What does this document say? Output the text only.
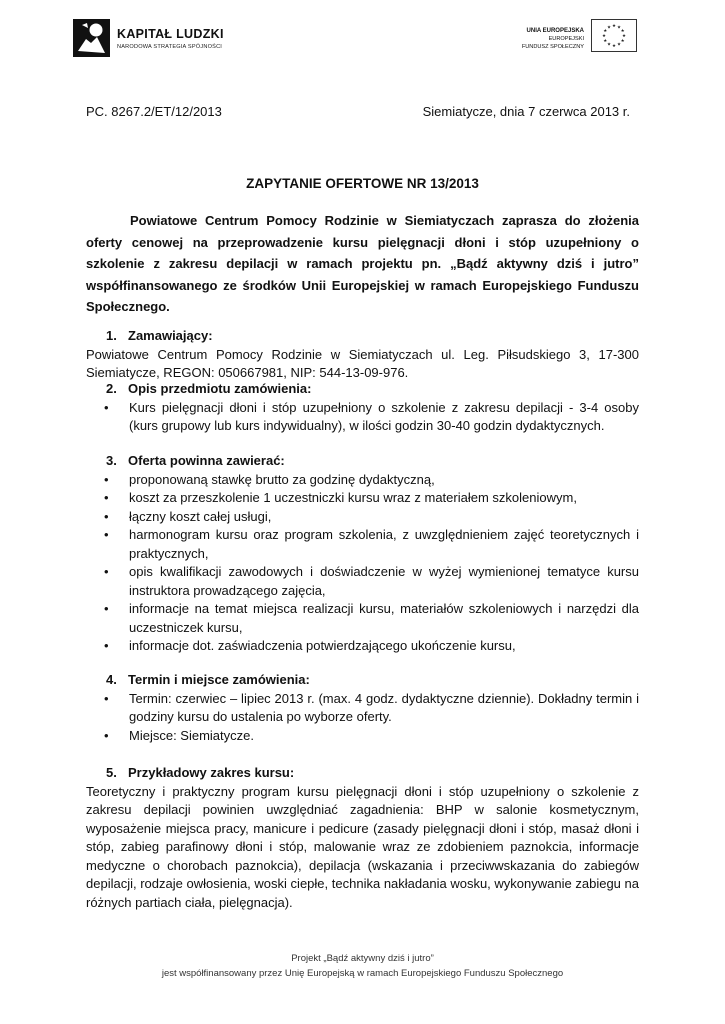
KAPITAŁ LUDZKI
NARODOWA STRATEGIA SPÓJNOŚCI
UNIA EUROPEJSKA
EUROPEJSKI
FUNDUSZ SPOŁECZNY
★ ★
★
★
★
★
★
★
★
★
★
★
PC. 8267.2/ET/12/2013	Siemiatycze, dnia 7 czerwca 2013 r.
ZAPYTANIE OFERTOWE NR 13/2013

Powiatowe Centrum Pomocy Rodzinie w Siemiatyczach zaprasza do złożenia oferty cenowej na przeprowadzenie kursu pielęgnacji dłoni i stóp uzupełniony o szkolenie z zakresu depilacji w ramach projektu pn. „Bądź aktywny dziś i jutro” współfinansowanego ze środków Unii Europejskiej w ramach Europejskiego Funduszu Społecznego.

1. Zamawiający:

Powiatowe Centrum Pomocy Rodzinie w Siemiatyczach ul. Leg. Piłsudskiego 3, 17-300 Siemiatycze, REGON: 050667981, NIP: 544-13-09-976.

2. Opis przedmiotu zamówienia:

• Kurs pielęgnacji dłoni i stóp uzupełniony o szkolenie z zakresu depilacji - 3-4 osoby (kurs grupowy lub kurs indywidualny), w ilości godzin 30-40 godzin dydaktycznych.

3. Oferta powinna zawierać:

• proponowaną stawkę brutto za godzinę dydaktyczną,
• koszt za przeszkolenie 1 uczestniczki kursu wraz z materiałem szkoleniowym,
• łączny koszt całej usługi,
• harmonogram kursu oraz program szkolenia, z uwzględnieniem zajęć teoretycznych i praktycznych,
• opis kwalifikacji zawodowych i doświadczenie w wyżej wymienionej tematyce kursu instruktora prowadzącego zajęcia,
• informacje na temat miejsca realizacji kursu, materiałów szkoleniowych i narzędzi dla uczestniczek kursu,
• informacje dot. zaświadczenia potwierdzającego ukończenie kursu,

4. Termin i miejsce zamówienia:

• Termin: czerwiec – lipiec 2013 r. (max. 4 godz. dydaktyczne dziennie). Dokładny termin i godziny kursu do ustalenia po wyborze oferty.
• Miejsce: Siemiatycze.

5. Przykładowy zakres kursu:

Teoretyczny i praktyczny program kursu pielęgnacji dłoni i stóp uzupełniony o szkolenie z zakresu depilacji powinien uwzględniać zagadnienia: BHP w salonie kosmetycznym, wyposażenie miejsca pracy, manicure i pedicure (zasady pielęgnacji dłoni i stóp, masaż dłoni i stóp, zabieg parafinowy dłoni i stóp, malowanie wraz ze zdobieniem paznokcia, informacje medyczne o chorobach paznokcia), depilacja (wskazania i przeciwwskazania do zabiegów depilacji, rodzaje owłosienia, woski ciepłe, technika nakładania wosku, wykonywanie zabiegu na różnych partiach ciała, pielęgnacja).

Projekt „Bądź aktywny dziś i jutro”
jest współfinansowany przez Unię Europejską w ramach Europejskiego Funduszu Społecznego
